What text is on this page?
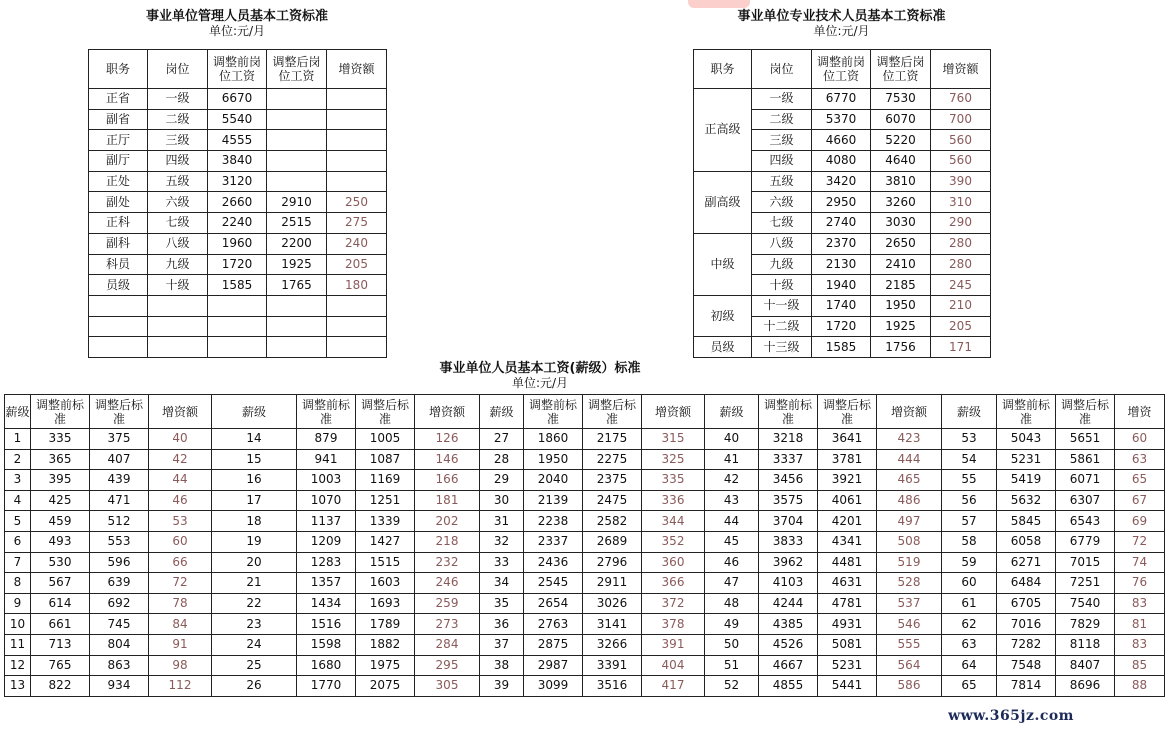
事业单位管理人员基本工资标准
单位:元/月
职务	岗位	调整前岗位工资	调整后岗位工资	增资额
正省	一级	6670		
副省	二级	5540		
正厅	三级	4555		
副厅	四级	3840		
正处	五级	3120		
副处	六级	2660	2910	250
正科	七级	2240	2515	275
副科	八级	1960	2200	240
科员	九级	1720	1925	205
员级	十级	1585	1765	180

事业单位专业技术人员基本工资标准
单位:元/月
职务	岗位	调整前岗位工资	调整后岗位工资	增资额
正高级	一级	6770	7530	760
	二级	5370	6070	700
	三级	4660	5220	560
	四级	4080	4640	560
副高级	五级	3420	3810	390
	六级	2950	3260	310
	七级	2740	3030	290
中级	八级	2370	2650	280
	九级	2130	2410	280
	十级	1940	2185	245
初级	十一级	1740	1950	210
	十二级	1720	1925	205
员级	十三级	1585	1756	171
事业单位人员基本工资(薪级）标准
单位:元/月
薪级	调整前标准	调整后标准	增资额	薪级	调整前标准	调整后标准	增资额	薪级	调整前标准	调整后标准	增资额	薪级	调整前标准	调整后标准	增资额	薪级	调整前标准	调整后标准	增资
1	335	375	40	14	879	1005	126	27	1860	2175	315	40	3218	3641	423	53	5043	5651	60
2	365	407	42	15	941	1087	146	28	1950	2275	325	41	3337	3781	444	54	5231	5861	63
3	395	439	44	16	1003	1169	166	29	2040	2375	335	42	3456	3921	465	55	5419	6071	65
4	425	471	46	17	1070	1251	181	30	2139	2475	336	43	3575	4061	486	56	5632	6307	67
5	459	512	53	18	1137	1339	202	31	2238	2582	344	44	3704	4201	497	57	5845	6543	69
6	493	553	60	19	1209	1427	218	32	2337	2689	352	45	3833	4341	508	58	6058	6779	72
7	530	596	66	20	1283	1515	232	33	2436	2796	360	46	3962	4481	519	59	6271	7015	74
8	567	639	72	21	1357	1603	246	34	2545	2911	366	47	4103	4631	528	60	6484	7251	76
9	614	692	78	22	1434	1693	259	35	2654	3026	372	48	4244	4781	537	61	6705	7540	83
10	661	745	84	23	1516	1789	273	36	2763	3141	378	49	4385	4931	546	62	7016	7829	81
11	713	804	91	24	1598	1882	284	37	2875	3266	391	50	4526	5081	555	63	7282	8118	83
12	765	863	98	25	1680	1975	295	38	2987	3391	404	51	4667	5231	564	64	7548	8407	85
13	822	934	112	26	1770	2075	305	39	3099	3516	417	52	4855	5441	586	65	7814	8696	88
www.365jz.com
